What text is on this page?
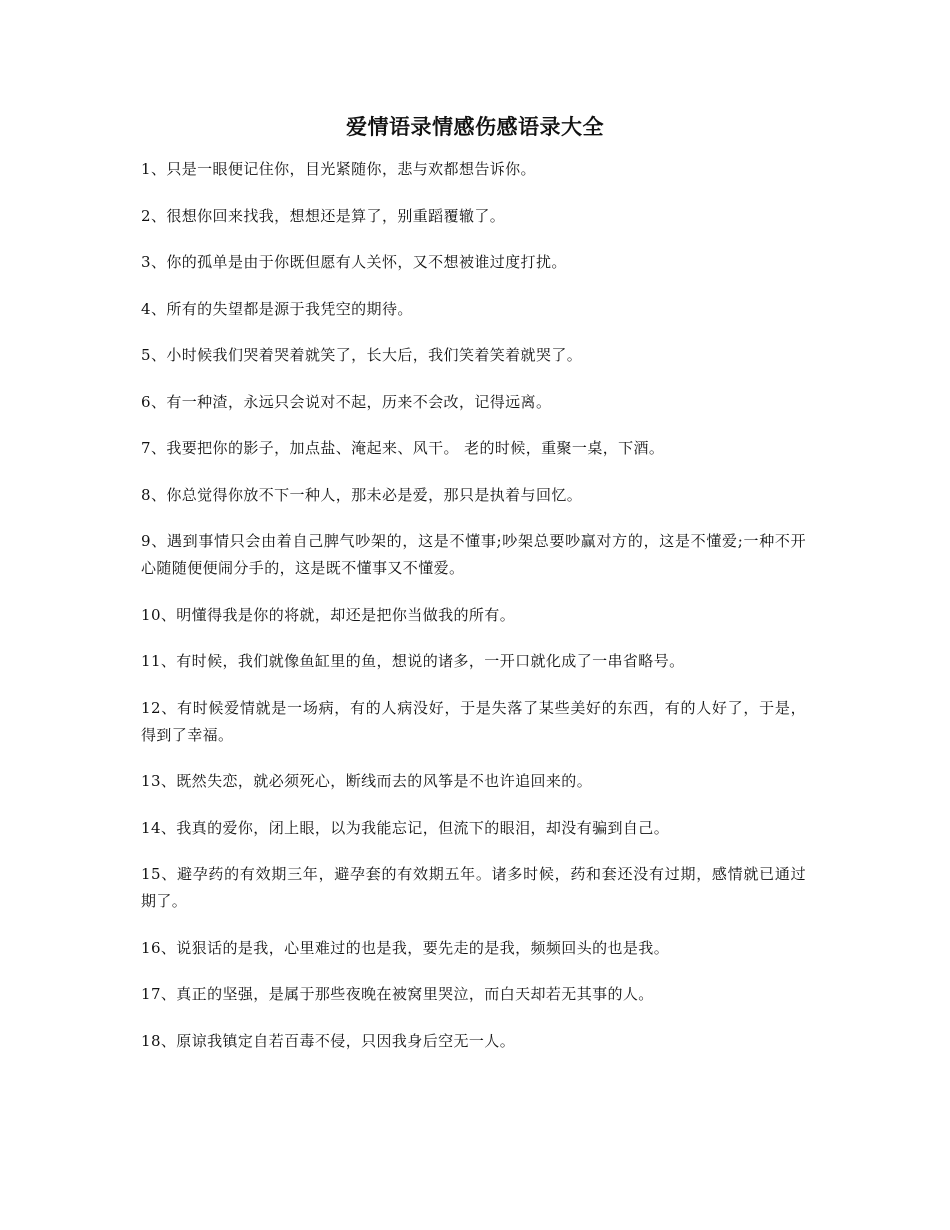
爱情语录情感伤感语录大全

1、只是一眼便记住你，目光紧随你，悲与欢都想告诉你。

2、很想你回来找我，想想还是算了，别重蹈覆辙了。

3、你的孤单是由于你既但愿有人关怀，又不想被谁过度打扰。

4、所有的失望都是源于我凭空的期待。

5、小时候我们哭着哭着就笑了，长大后，我们笑着笑着就哭了。

6、有一种渣，永远只会说对不起，历来不会改，记得远离。

7、我要把你的影子，加点盐、淹起来、风干。 老的时候，重聚一桌，下酒。

8、你总觉得你放不下一种人，那未必是爱，那只是执着与回忆。

9、遇到事情只会由着自己脾气吵架的，这是不懂事;吵架总要吵赢对方的，这是不懂爱;一种不开心随随便便闹分手的，这是既不懂事又不懂爱。

10、明懂得我是你的将就，却还是把你当做我的所有。

11、有时候，我们就像鱼缸里的鱼，想说的诸多，一开口就化成了一串省略号。

12、有时候爱情就是一场病，有的人病没好，于是失落了某些美好的东西，有的人好了，于是，得到了幸福。

13、既然失恋，就必须死心，断线而去的风筝是不也许追回来的。

14、我真的爱你，闭上眼，以为我能忘记，但流下的眼泪，却没有骗到自己。

15、避孕药的有效期三年，避孕套的有效期五年。诸多时候，药和套还没有过期，感情就已通过期了。

16、说狠话的是我，心里难过的也是我，要先走的是我，频频回头的也是我。

17、真正的坚强，是属于那些夜晚在被窝里哭泣，而白天却若无其事的人。

18、原谅我镇定自若百毒不侵，只因我身后空无一人。
